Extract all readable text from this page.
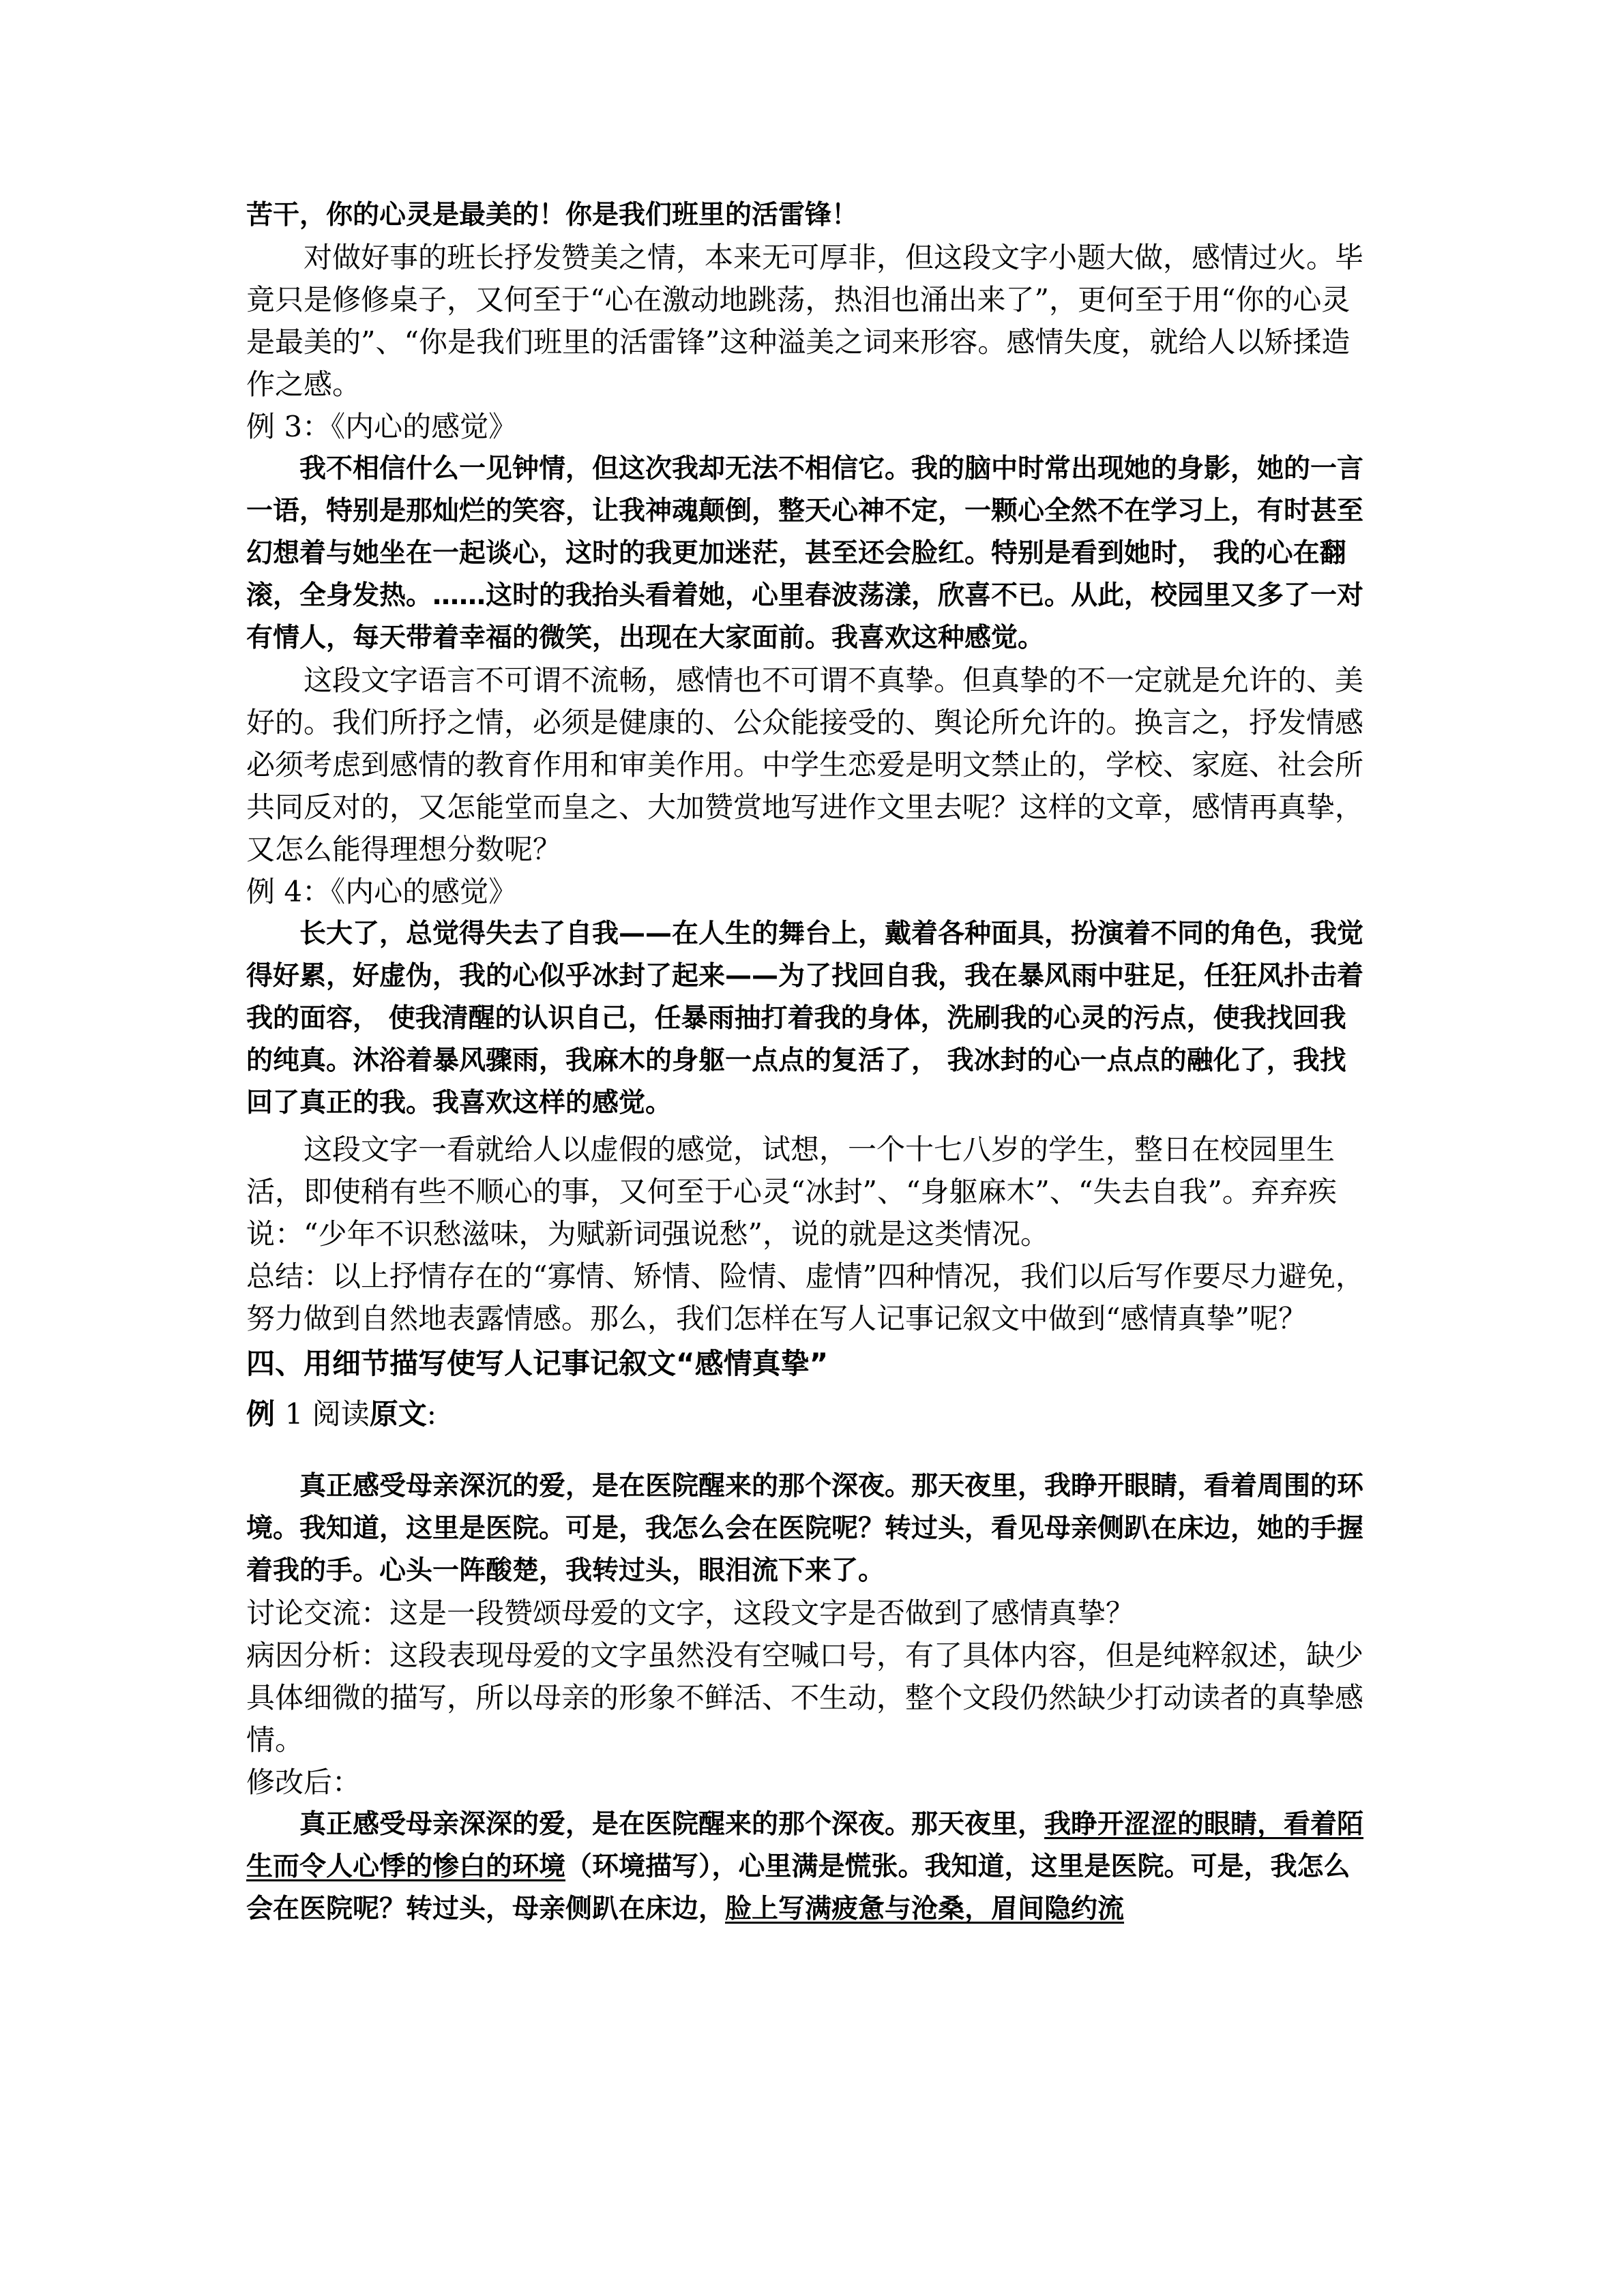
苦干，你的心灵是最美的！你是我们班里的活雷锋！

对做好事的班长抒发赞美之情，本来无可厚非，但这段文字小题大做，感情过火。毕竟只是修修桌子，又何至于“心在激动地跳荡，热泪也涌出来了”，更何至于用“你的心灵是最美的”、“你是我们班里的活雷锋”这种溢美之词来形容。感情失度，就给人以矫揉造作之感。

例 3：《内心的感觉》

我不相信什么一见钟情，但这次我却无法不相信它。我的脑中时常出现她的身影，她的一言一语，特别是那灿烂的笑容，让我神魂颠倒，整天心神不定，一颗心全然不在学习上，有时甚至幻想着与她坐在一起谈心，这时的我更加迷茫，甚至还会脸红。特别是看到她时， 我的心在翻滚，全身发热。……这时的我抬头看着她，心里春波荡漾，欣喜不已。从此，校园里又多了一对有情人，每天带着幸福的微笑，出现在大家面前。我喜欢这种感觉。

这段文字语言不可谓不流畅，感情也不可谓不真挚。但真挚的不一定就是允许的、美好的。我们所抒之情，必须是健康的、公众能接受的、舆论所允许的。换言之，抒发情感必须考虑到感情的教育作用和审美作用。中学生恋爱是明文禁止的，学校、家庭、社会所共同反对的，又怎能堂而皇之、大加赞赏地写进作文里去呢？这样的文章，感情再真挚，又怎么能得理想分数呢？

例 4：《内心的感觉》

长大了，总觉得失去了自我——在人生的舞台上，戴着各种面具，扮演着不同的角色，我觉得好累，好虚伪，我的心似乎冰封了起来——为了找回自我，我在暴风雨中驻足，任狂风扑击着我的面容， 使我清醒的认识自己，任暴雨抽打着我的身体，洗刷我的心灵的污点，使我找回我的纯真。沐浴着暴风骤雨，我麻木的身躯一点点的复活了， 我冰封的心一点点的融化了，我找回了真正的我。我喜欢这样的感觉。

这段文字一看就给人以虚假的感觉，试想，一个十七八岁的学生，整日在校园里生活，即使稍有些不顺心的事，又何至于心灵“冰封”、“身躯麻木”、“失去自我”。弃弃疾说：“少年不识愁滋味，为赋新词强说愁”，说的就是这类情况。

总结：以上抒情存在的“寡情、矫情、险情、虚情”四种情况，我们以后写作要尽力避免，努力做到自然地表露情感。那么，我们怎样在写人记事记叙文中做到“感情真挚”呢？

四、用细节描写使写人记事记叙文“感情真挚”

例 1 阅读原文:

真正感受母亲深沉的爱，是在医院醒来的那个深夜。那天夜里，我睁开眼睛，看着周围的环境。我知道，这里是医院。可是，我怎么会在医院呢？转过头，看见母亲侧趴在床边，她的手握着我的手。心头一阵酸楚，我转过头，眼泪流下来了。

讨论交流：这是一段赞颂母爱的文字，这段文字是否做到了感情真挚？

病因分析：这段表现母爱的文字虽然没有空喊口号，有了具体内容，但是纯粹叙述，缺少具体细微的描写，所以母亲的形象不鲜活、不生动，整个文段仍然缺少打动读者的真挚感情。

修改后：

真正感受母亲深深的爱，是在医院醒来的那个深夜。那天夜里，我睁开涩涩的眼睛，看着陌生而令人心悸的惨白的环境（环境描写），心里满是慌张。我知道，这里是医院。可是，我怎么会在医院呢？转过头，母亲侧趴在床边，脸上写满疲惫与沧桑，眉间隐约流
